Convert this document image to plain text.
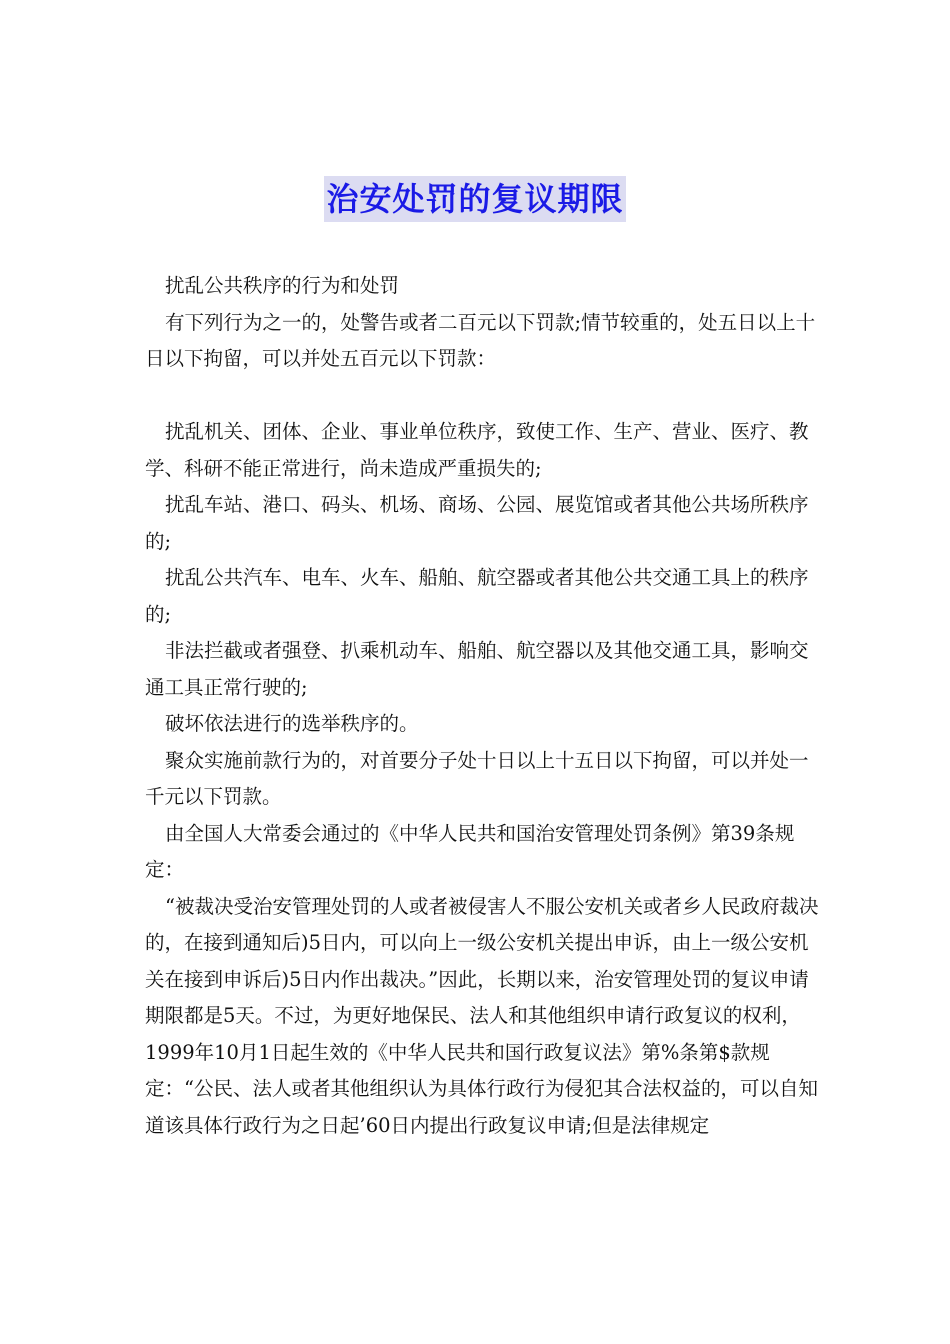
治安处罚的复议期限

扰乱公共秩序的行为和处罚

有下列行为之一的，处警告或者二百元以下罚款;情节较重的，处五日以上十日以下拘留，可以并处五百元以下罚款：

扰乱机关、团体、企业、事业单位秩序，致使工作、生产、营业、医疗、教学、科研不能正常进行，尚未造成严重损失的;

扰乱车站、港口、码头、机场、商场、公园、展览馆或者其他公共场所秩序的;

扰乱公共汽车、电车、火车、船舶、航空器或者其他公共交通工具上的秩序的;

非法拦截或者强登、扒乘机动车、船舶、航空器以及其他交通工具，影响交通工具正常行驶的;

破坏依法进行的选举秩序的。

聚众实施前款行为的，对首要分子处十日以上十五日以下拘留，可以并处一千元以下罚款。

由全国人大常委会通过的《中华人民共和国治安管理处罚条例》第39条规定：

“被裁决受治安管理处罚的人或者被侵害人不服公安机关或者乡人民政府裁决的，在接到通知后)5日内，可以向上一级公安机关提出申诉，由上一级公安机关在接到申诉后)5日内作出裁决。”因此，长期以来，治安管理处罚的复议申请期限都是5天。不过，为更好地保民、法人和其他组织申请行政复议的权利，1999年10月1日起生效的《中华人民共和国行政复议法》第%条第$款规定：“公民、法人或者其他组织认为具体行政行为侵犯其合法权益的，可以自知道该具体行政行为之日起’60日内提出行政复议申请;但是法律规定
